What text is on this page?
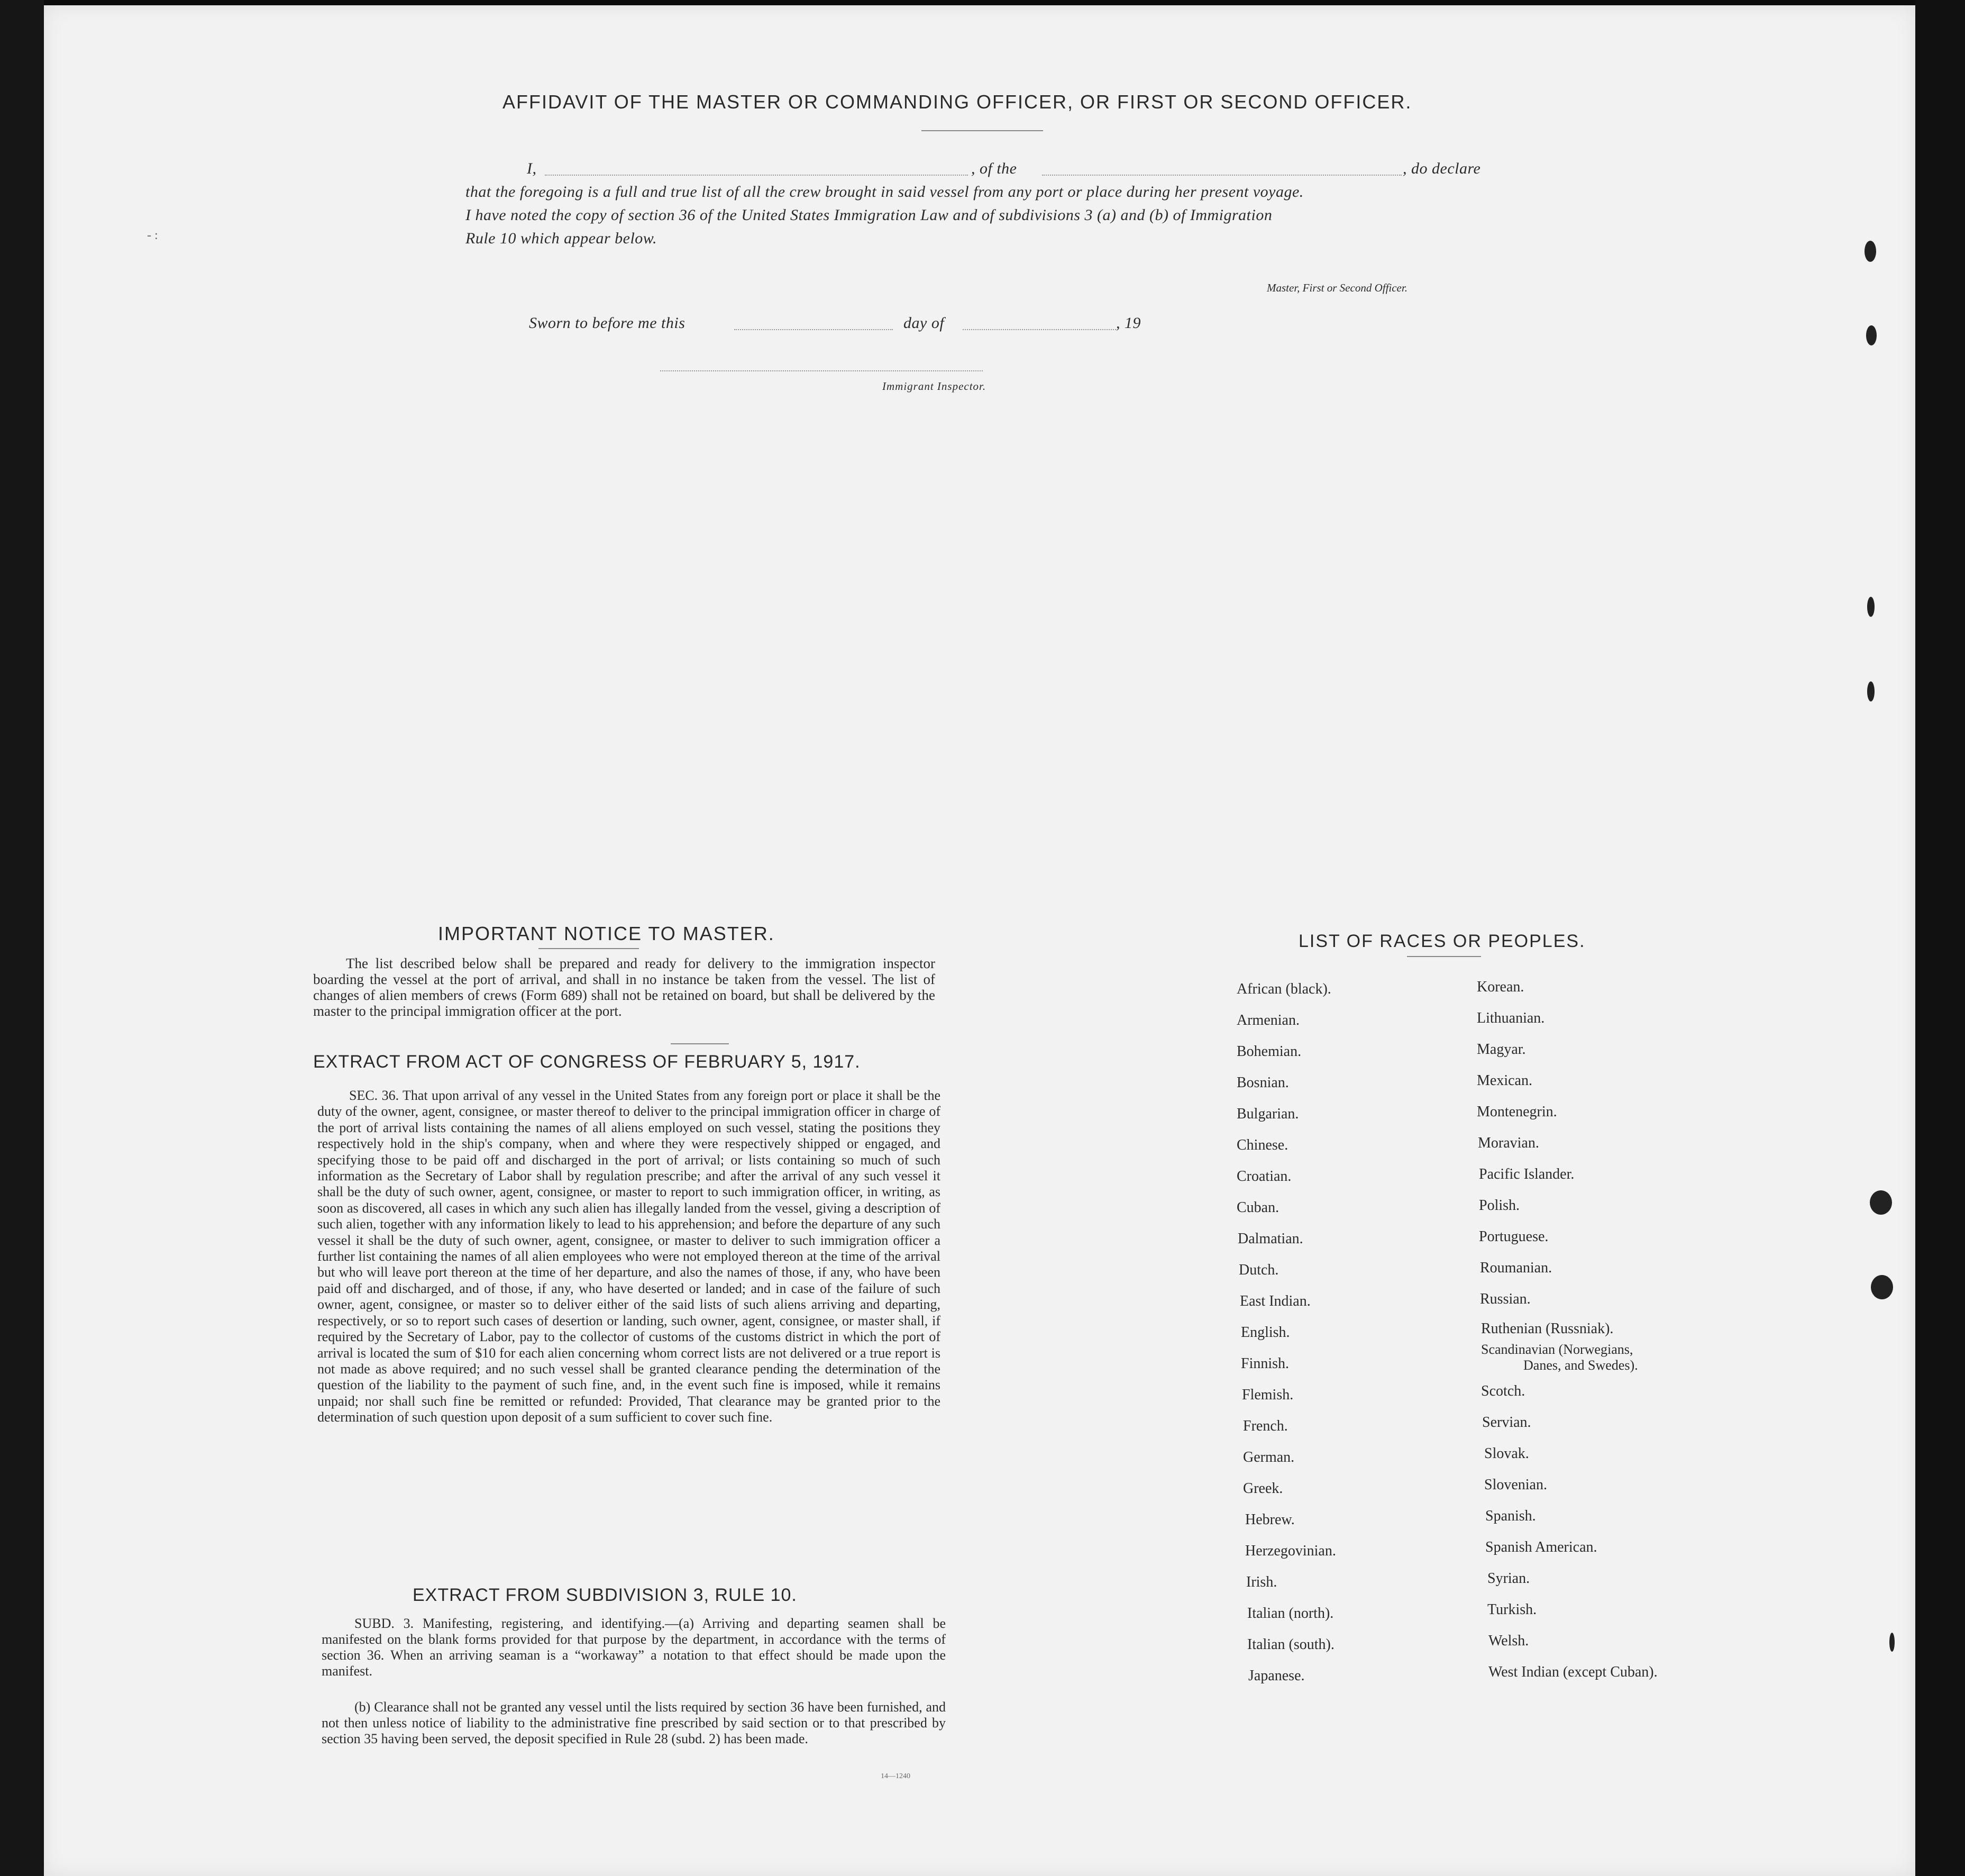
- :
AFFIDAVIT OF THE MASTER OR COMMANDING OFFICER, OR FIRST OR SECOND OFFICER.
I,	, of the	, do declare
that the foregoing is a full and true list of all the crew brought in said vessel from any port or place during her present voyage.
I have noted the copy of section 36 of the United States Immigration Law and of subdivisions 3 (a) and (b) of Immigration
Rule 10 which appear below.
Master, First or Second Officer.
Sworn to before me this	day of	, 19
Immigrant Inspector.
IMPORTANT NOTICE TO MASTER.
The list described below shall be prepared and ready for delivery to the immigration inspector boarding the vessel at the port of arrival, and shall in no instance be taken from the vessel. The list of changes of alien members of crews (Form 689) shall not be retained on board, but shall be delivered by the master to the principal immigration officer at the port.
EXTRACT FROM ACT OF CONGRESS OF FEBRUARY 5, 1917.
SEC. 36. That upon arrival of any vessel in the United States from any foreign port or place it shall be the duty of the owner, agent, consignee, or master thereof to deliver to the principal immigration officer in charge of the port of arrival lists containing the names of all aliens employed on such vessel, stating the positions they respectively hold in the ship's company, when and where they were respectively shipped or engaged, and specifying those to be paid off and discharged in the port of arrival; or lists containing so much of such information as the Secretary of Labor shall by regulation prescribe; and after the arrival of any such vessel it shall be the duty of such owner, agent, consignee, or master to report to such immigration officer, in writing, as soon as discovered, all cases in which any such alien has illegally landed from the vessel, giving a description of such alien, together with any information likely to lead to his apprehension; and before the departure of any such vessel it shall be the duty of such owner, agent, consignee, or master to deliver to such immigration officer a further list containing the names of all alien employees who were not employed thereon at the time of the arrival but who will leave port thereon at the time of her departure, and also the names of those, if any, who have been paid off and discharged, and of those, if any, who have deserted or landed; and in case of the failure of such owner, agent, consignee, or master so to deliver either of the said lists of such aliens arriving and departing, respectively, or so to report such cases of desertion or landing, such owner, agent, consignee, or master shall, if required by the Secretary of Labor, pay to the collector of customs of the customs district in which the port of arrival is located the sum of $10 for each alien concerning whom correct lists are not delivered or a true report is not made as above required; and no such vessel shall be granted clearance pending the determination of the question of the liability to the payment of such fine, and, in the event such fine is imposed, while it remains unpaid; nor shall such fine be remitted or refunded: Provided, That clearance may be granted prior to the determination of such question upon deposit of a sum sufficient to cover such fine.
EXTRACT FROM SUBDIVISION 3, RULE 10.
SUBD. 3. Manifesting, registering, and identifying.—(a) Arriving and departing seamen shall be manifested on the blank forms provided for that purpose by the department, in accordance with the terms of section 36. When an arriving seaman is a “workaway” a notation to that effect should be made upon the manifest.
(b) Clearance shall not be granted any vessel until the lists required by section 36 have been furnished, and not then unless notice of liability to the administrative fine prescribed by said section or to that prescribed by section 35 having been served, the deposit specified in Rule 28 (subd. 2) has been made.
14—1240
LIST OF RACES OR PEOPLES.
African (black).
Armenian.
Bohemian.
Bosnian.
Bulgarian.
Chinese.
Croatian.
Cuban.
Dalmatian.
Dutch.
East Indian.
English.
Finnish.
Flemish.
French.
German.
Greek.
Hebrew.
Herzegovinian.
Irish.
Italian (north).
Italian (south).
Japanese.
Korean.
Lithuanian.
Magyar.
Mexican.
Montenegrin.
Moravian.
Pacific Islander.
Polish.
Portuguese.
Roumanian.
Russian.
Ruthenian (Russniak).
Scandinavian (Norwegians,
Danes, and Swedes).
Scotch.
Servian.
Slovak.
Slovenian.
Spanish.
Spanish American.
Syrian.
Turkish.
Welsh.
West Indian (except Cuban).
